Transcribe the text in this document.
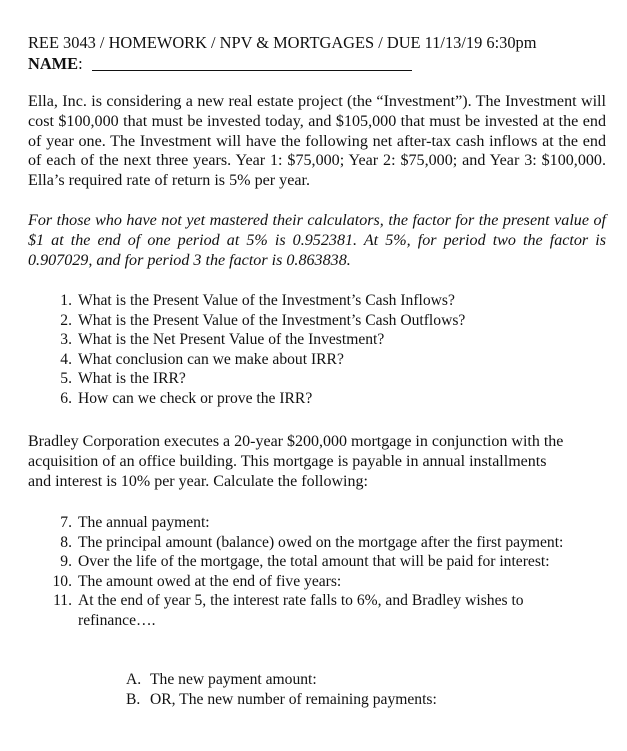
REE 3043 / HOMEWORK / NPV & MORTGAGES / DUE 11/13/19 6:30pm
NAME:
Ella, Inc. is considering a new real estate project (the “Investment”). The Investment will cost $100,000 that must be invested today, and $105,000 that must be invested at the end of year one. The Investment will have the following net after-tax cash inflows at the end of each of the next three years. Year 1: $75,000; Year 2: $75,000; and Year 3: $100,000. Ella’s required rate of return is 5% per year.
For those who have not yet mastered their calculators, the factor for the present value of $1 at the end of one period at 5% is 0.952381. At 5%, for period two the factor is 0.907029, and for period 3 the factor is 0.863838.
1. What is the Present Value of the Investment’s Cash Inflows?
2. What is the Present Value of the Investment’s Cash Outflows?
3. What is the Net Present Value of the Investment?
4. What conclusion can we make about IRR?
5. What is the IRR?
6. How can we check or prove the IRR?
Bradley Corporation executes a 20-year $200,000 mortgage in conjunction with the acquisition of an office building. This mortgage is payable in annual installments and interest is 10% per year. Calculate the following:
7. The annual payment:
8. The principal amount (balance) owed on the mortgage after the first payment:
9. Over the life of the mortgage, the total amount that will be paid for interest:
10. The amount owed at the end of five years:
11. At the end of year 5, the interest rate falls to 6%, and Bradley wishes to refinance….
A. The new payment amount:
B. OR, The new number of remaining payments:
